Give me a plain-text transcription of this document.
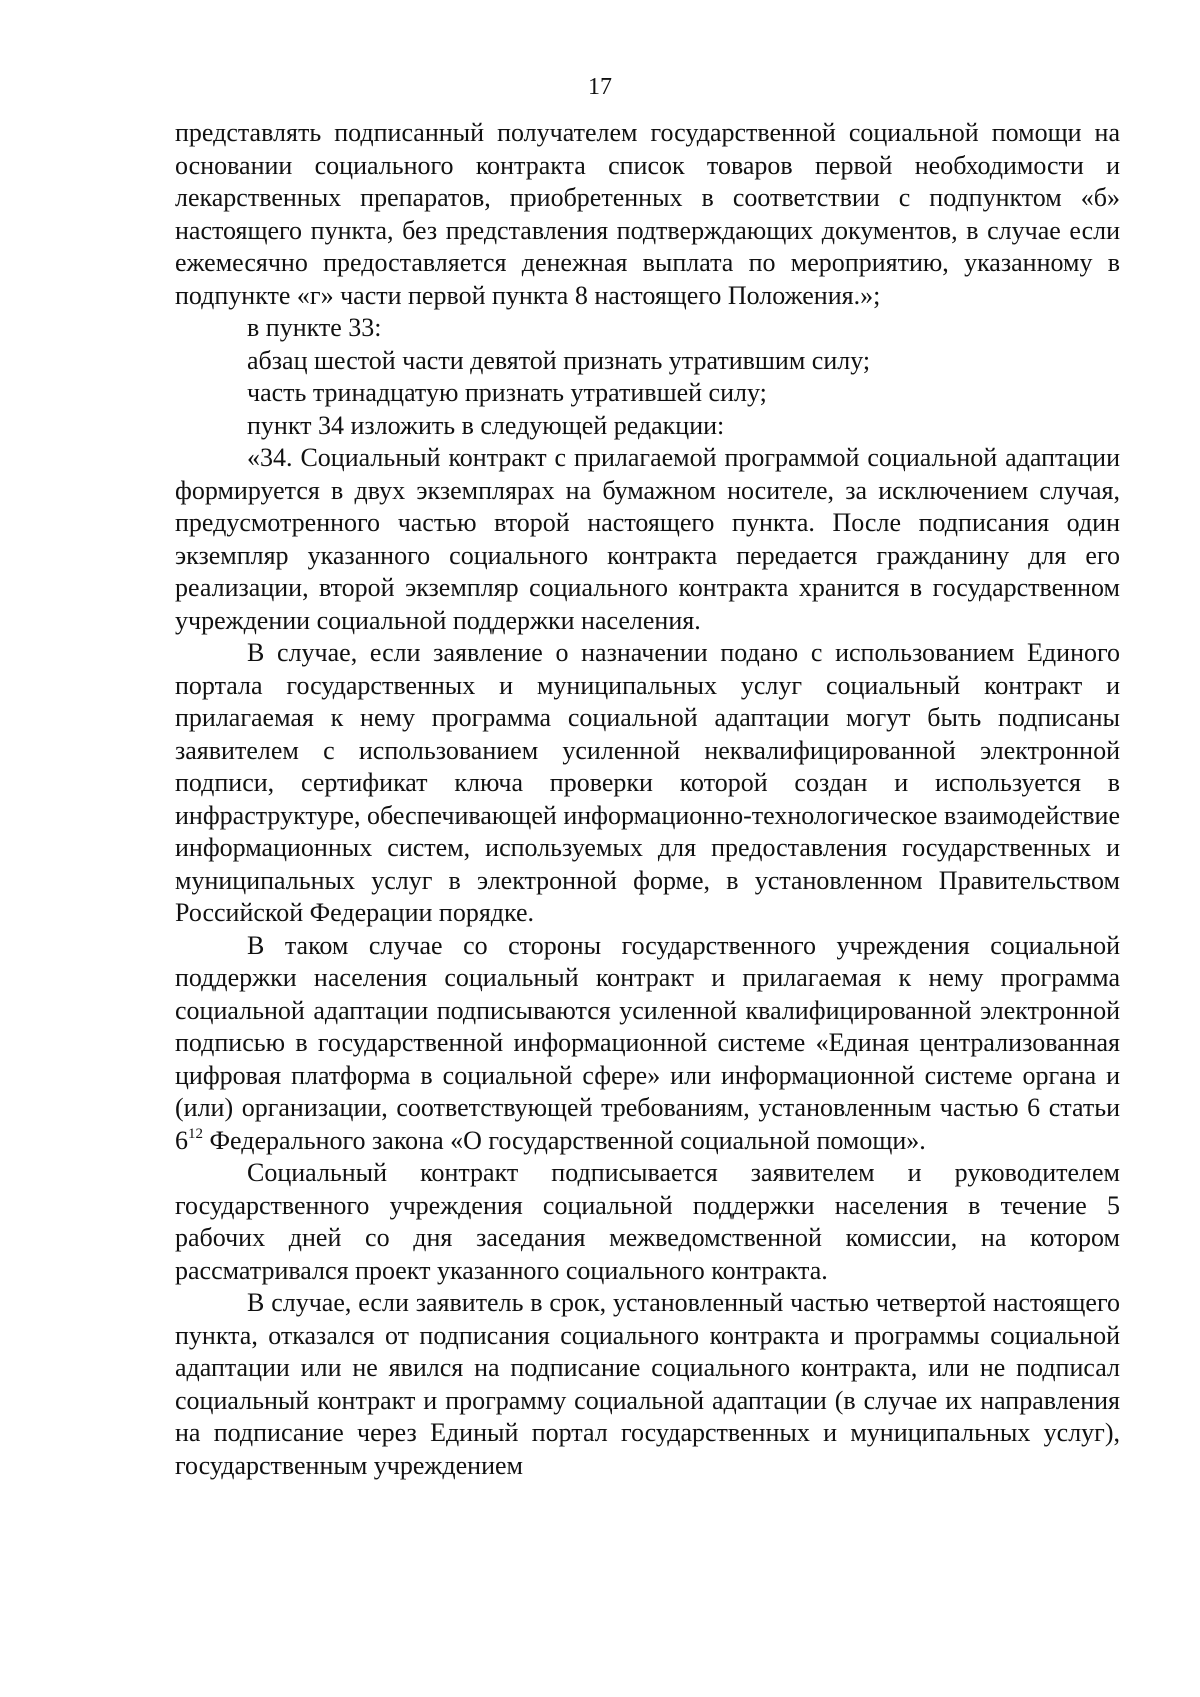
17

представлять подписанный получателем государственной социальной помощи на основании социального контракта список товаров первой необходимости и лекарственных препаратов, приобретенных в соответствии с подпунктом «б» настоящего пункта, без представления подтверждающих документов, в случае если ежемесячно предоставляется денежная выплата по мероприятию, указанному в подпункте «г» части первой пункта 8 настоящего Положения.»;

в пункте 33:

абзац шестой части девятой признать утратившим силу;

часть тринадцатую признать утратившей силу;

пункт 34 изложить в следующей редакции:

«34. Социальный контракт с прилагаемой программой социальной адаптации формируется в двух экземплярах на бумажном носителе, за исключением случая, предусмотренного частью второй настоящего пункта. После подписания один экземпляр указанного социального контракта передается гражданину для его реализации, второй экземпляр социального контракта хранится в государственном учреждении социальной поддержки населения.

В случае, если заявление о назначении подано с использованием Единого портала государственных и муниципальных услуг социальный контракт и прилагаемая к нему программа социальной адаптации могут быть подписаны заявителем с использованием усиленной неквалифицированной электронной подписи, сертификат ключа проверки которой создан и используется в инфраструктуре, обеспечивающей информационно-технологическое взаимодействие информационных систем, используемых для предоставления государственных и муниципальных услуг в электронной форме, в установленном Правительством Российской Федерации порядке.

В таком случае со стороны государственного учреждения социальной поддержки населения социальный контракт и прилагаемая к нему программа социальной адаптации подписываются усиленной квалифицированной электронной подписью в государственной информационной системе «Единая централизованная цифровая платформа в социальной сфере» или информационной системе органа и (или) организации, соответствующей требованиям, установленным частью 6 статьи $6^{12}$ Федерального закона «О государственной социальной помощи».

Социальный контракт подписывается заявителем и руководителем государственного учреждения социальной поддержки населения в течение 5 рабочих дней со дня заседания межведомственной комиссии, на котором рассматривался проект указанного социального контракта.

В случае, если заявитель в срок, установленный частью четвертой настоящего пункта, отказался от подписания социального контракта и программы социальной адаптации или не явился на подписание социального контракта, или не подписал социальный контракт и программу социальной адаптации (в случае их направления на подписание через Единый портал государственных и муниципальных услуг), государственным учреждением
